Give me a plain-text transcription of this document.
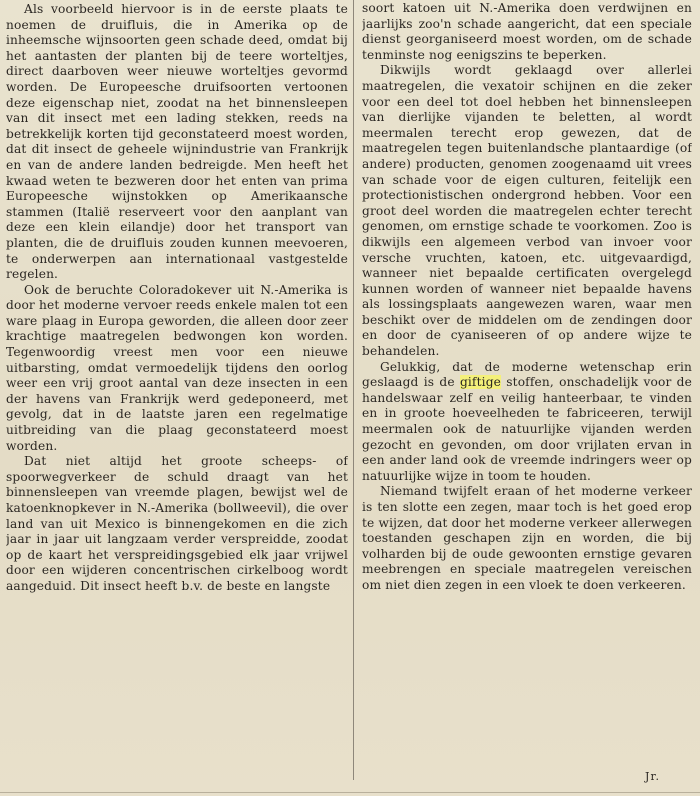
Als voorbeeld hiervoor is in de eerste plaats te noemen de druifluis, die in Amerika op de inheemsche wijnsoorten geen schade deed, omdat bij het aantasten der planten bij de teere worteltjes, direct daarboven weer nieuwe worteltjes gevormd worden. De Europeesche druifsoorten vertoonen deze eigenschap niet, zoodat na het binnensleepen van dit insect met een lading stekken, reeds na betrekkelijk korten tijd geconstateerd moest worden, dat dit insect de geheele wijnindustrie van Frankrijk en van de andere landen bedreigde. Men heeft het kwaad weten te bezweren door het enten van prima Europeesche wijnstokken op Amerikaansche stammen (Italië reserveert voor den aanplant van deze een klein eilandje) door het transport van planten, die de druifluis zouden kunnen meevoeren, te onderwerpen aan internationaal vastgestelde regelen.

Ook de beruchte Coloradokever uit N.-Amerika is door het moderne vervoer reeds enkele malen tot een ware plaag in Europa geworden, die alleen door zeer krachtige maatregelen bedwongen kon worden. Tegenwoordig vreest men voor een nieuwe uitbarsting, omdat vermoedelijk tijdens den oorlog weer een vrij groot aantal van deze insecten in een der havens van Frankrijk werd gedeponeerd, met gevolg, dat in de laatste jaren een regelmatige uitbreiding van die plaag geconstateerd moest worden.

Dat niet altijd het groote scheeps- of spoorwegverkeer de schuld draagt van het binnensleepen van vreemde plagen, bewijst wel de katoenknopkever in N.-Amerika (bollweevil), die over land van uit Mexico is binnengekomen en die zich jaar in jaar uit langzaam verder verspreidde, zoodat op de kaart het verspreidingsgebied elk jaar vrijwel door een wijderen concentrischen cirkelboog wordt aangeduid. Dit insect heeft b.v. de beste en langste

soort katoen uit N.-Amerika doen verdwijnen en jaarlijks zoo'n schade aangericht, dat een speciale dienst georganiseerd moest worden, om de schade tenminste nog eenigszins te beperken.

Dikwijls wordt geklaagd over allerlei maatregelen, die vexatoir schijnen en die zeker voor een deel tot doel hebben het binnensleepen van dierlijke vijanden te beletten, al wordt meermalen terecht erop gewezen, dat de maatregelen tegen buitenlandsche plantaardige (of andere) producten, genomen zoogenaamd uit vrees van schade voor de eigen culturen, feitelijk een protectionistischen ondergrond hebben. Voor een groot deel worden die maatregelen echter terecht genomen, om ernstige schade te voorkomen. Zoo is dikwijls een algemeen verbod van invoer voor versche vruchten, katoen, etc. uitgevaardigd, wanneer niet bepaalde certificaten overgelegd kunnen worden of wanneer niet bepaalde havens als lossingsplaats aangewezen waren, waar men beschikt over de middelen om de zendingen door en door de cyaniseeren of op andere wijze te behandelen.

Gelukkig, dat de moderne wetenschap erin geslaagd is de giftige stoffen, onschadelijk voor de handelswaar zelf en veilig hanteerbaar, te vinden en in groote hoeveelheden te fabriceeren, terwijl meermalen ook de natuurlijke vijanden werden gezocht en gevonden, om door vrijlaten ervan in een ander land ook de vreemde indringers weer op natuurlijke wijze in toom te houden.

Niemand twijfelt eraan of het moderne verkeer is ten slotte een zegen, maar toch is het goed erop te wijzen, dat door het moderne verkeer allerwegen toestanden geschapen zijn en worden, die bij volharden bij de oude gewoonten ernstige gevaren meebrengen en speciale maatregelen vereischen om niet dien zegen in een vloek te doen verkeeren.

Jr.
